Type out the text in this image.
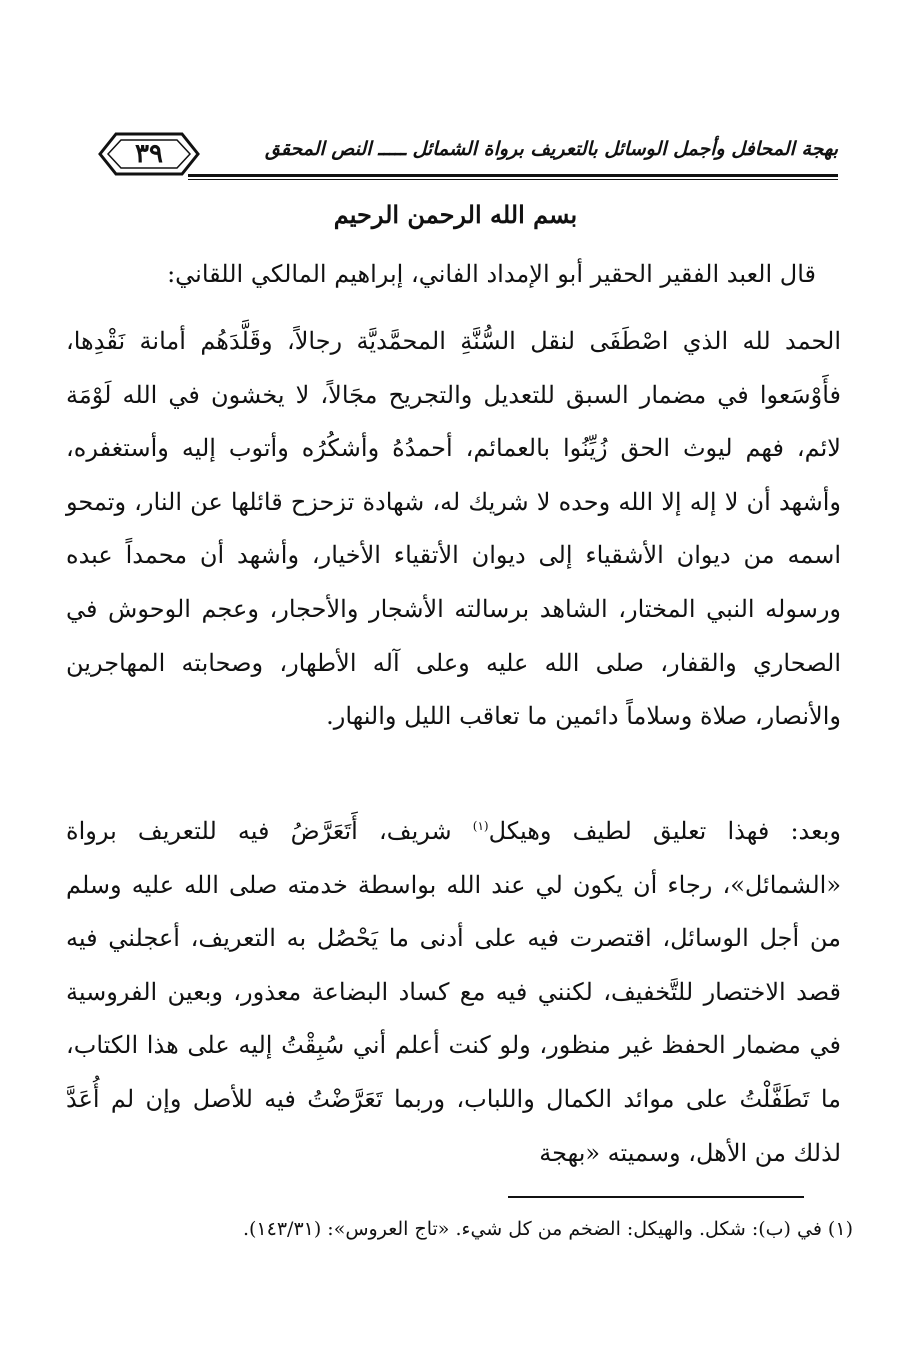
بهجة المحافل وأجمل الوسائل بالتعريف برواة الشمائل ـــــ النص المحقق
٣٩
بسم الله الرحمن الرحيم
قال العبد الفقير الحقير أبو الإمداد الفاني، إبراهيم المالكي اللقاني:
الحمد لله الذي اصْطَفَى لنقل السُّنَّةِ المحمَّديَّة رجالاً، وقَلَّدَهُم أمانة نَقْدِها، فأَوْسَعوا في مضمار السبق للتعديل والتجريح مجَالاً، لا يخشون في الله لَوْمَة لائم، فهم ليوث الحق زُيِّنُوا بالعمائم، أحمدُهُ وأشكُرُه وأتوب إليه وأستغفره، وأشهد أن لا إله إلا الله وحده لا شريك له، شهادة تزحزح قائلها عن النار، وتمحو اسمه من ديوان الأشقياء إلى ديوان الأتقياء الأخيار، وأشهد أن محمداً عبده ورسوله النبي المختار، الشاهد برسالته الأشجار والأحجار، وعجم الوحوش في الصحاري والقفار، صلى الله عليه وعلى آله الأطهار، وصحابته المهاجرين والأنصار، صلاة وسلاماً دائمين ما تعاقب الليل والنهار.
وبعد: فهذا تعليق لطيف وهيكل$^{(١)}$ شريف، أَتَعَرَّضُ فيه للتعريف برواة «الشمائل»، رجاء أن يكون لي عند الله بواسطة خدمته صلى الله عليه وسلم من أجل الوسائل، اقتصرت فيه على أدنى ما يَحْصُل به التعريف، أعجلني فيه قصد الاختصار للتَّخفيف، لكنني فيه مع كساد البضاعة معذور، وبعين الفروسية في مضمار الحفظ غير منظور، ولو كنت أعلم أني سُبِقْتُ إليه على هذا الكتاب، ما تَطَفَّلْتُ على موائد الكمال واللباب، وربما تَعَرَّضْتُ فيه للأصل وإن لم أُعَدَّ لذلك من الأهل، وسميته «بهجة
(١) في (ب): شكل. والهيكل: الضخم من كل شيء. «تاج العروس»: (١٤٣/٣١).
